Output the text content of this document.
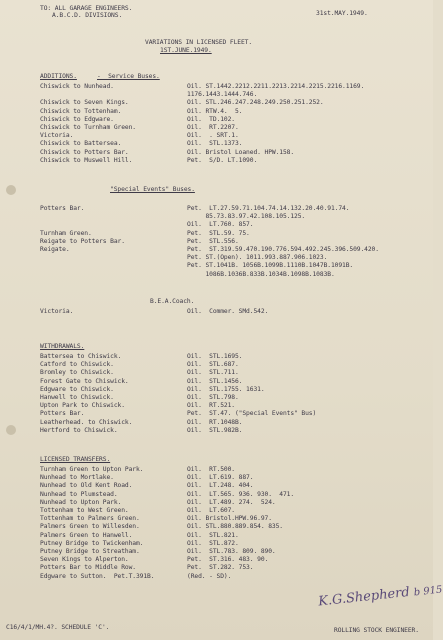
TO: ALL GARAGE ENGINEERS.
A.B.C.D. DIVISIONS.	31st.MAY.1949.
VARIATIONS IN LICENSED FLEET.
1ST.JUNE.1949.
ADDITIONS.	-  Service Buses.
Chiswick to Nunhead.	Oil. ST.1442.2212.2211.2213.2214.2215.2216.1169.
1176.1443.1444.746.
Chiswick to Seven Kings.	Oil. STL.246.247.248.249.250.251.252.
Chiswick to Tottenham.	Oil. RTW.4.  5.
Chiswick to Edgware.	Oil.  TD.102.
Chiswick to Turnham Green.	Oil.  RT.2207.
Victoria.	Oil.  . SRT.1.
Chiswick to Battersea.	Oil.  STL.1373.
Chiswick to Potters Bar.	Oil. Bristol Loaned. HPW.158.
Chiswick to Muswell Hill.	Pet.  S/D. LT.1090.
"Special Events" Buses.
Potters Bar.	Pet.  LT.27.59.71.104.74.14.132.20.40.91.74.
85.73.83.97.42.108.105.125.
Oil.  LT.760. 857.
Turnham Green.	Pet.  STL.59. 75.
Reigate to Potters Bar.	Pet.  STL.556.
Reigate.	Pet.  ST.319.59.470.190.776.594.492.245.396.509.420.
Pet. ST.(Open). 1011.993.887.906.1023.
Pet. ST.1041B. 1056B.1099B.1110B.1047B.1091B.
1086B.1036B.833B.1034B.1098B.1083B.
B.E.A.Coach.
Victoria.	Oil.  Commer. SMd.542.
WITHDRAWALS.
Battersea to Chiswick.	Oil.  STL.1695.
Catford to Chiswick.	Oil.  STL.687.
Bromley to Chiswick.	Oil.  STL.711.
Forest Gate to Chiswick.	Oil.  STL.1456.
Edgware to Chiswick.	Oil.  STL.1755. 1631.
Hanwell to Chiswick.	Oil.  STL.798.
Upton Park to Chiswick.	Oil.  RT.521.
Potters Bar.	Pet.  ST.47. ("Special Events" Bus)
Leatherhead. to Chiswick.	Oil.  RT.1048B.
Hertford to Chiswick.	Oil.  STL.982B.
LICENSED TRANSFERS.
Turnham Green to Upton Park.	Oil.  RT.500.
Nunhead to Mortlake.	Oil.  LT.619. 887.
Nunhead to Old Kent Road.	Oil.  LT.248. 404.
Nunhead to Plumstead.	Oil.  LT.565. 936. 930.  471.
Nunhead to Upton Park.	Oil.  LT.489. 274.  524.
Tottenham to West Green.	Oil.  LT.607.
Tottenham to Palmers Green.	Oil. Bristol.HPW.96.97.
Palmers Green to Willesden.	Oil. STL.880.889.854. 835.
Palmers Green to Hanwell.	Oil.  STL.821.
Putney Bridge to Twickenham.	Oil.  STL.872.
Putney Bridge to Streatham.	Oil.  STL.783. 809. 890.
Seven Kings to Alperton.	Pet.  ST.316. 483. 90.
Potters Bar to Middle Row.	Pet.  ST.282. 753.
Edgware to Sutton.  Pet.T.391B.	(Red. - SD).
K.G.Shepherd b 915
C16/4/1/MH.4?. SCHEDULE 'C'.	ROLLING STOCK ENGINEER.
